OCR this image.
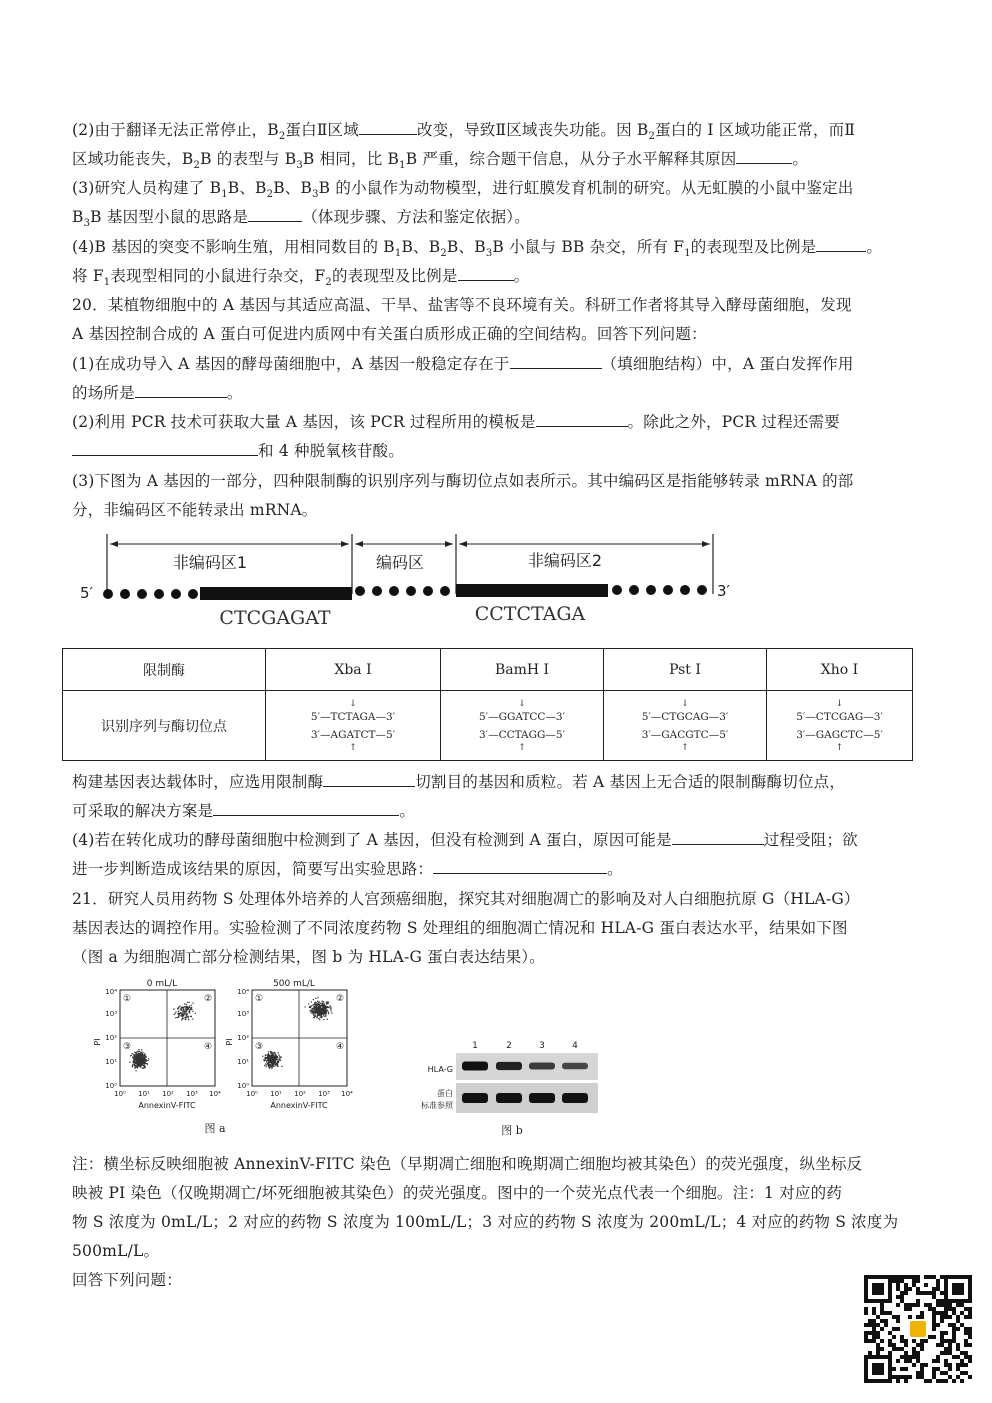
(2)由于翻译无法正常停止，$B_2$蛋白Ⅱ区域	改变，导致Ⅱ区域丧失功能。因 $B_2$蛋白的 I 区域功能正常，而Ⅱ
区域功能丧失，$B_2B$ 的表型与 $B_3B$ 相同，比 $B_1B$ 严重，综合题干信息，从分子水平解释其原因	。
(3)研究人员构建了 $B_1B$、$B_2B$、$B_3B$ 的小鼠作为动物模型，进行虹膜发育机制的研究。从无虹膜的小鼠中鉴定出
$B_3B$ 基因型小鼠的思路是	（体现步骤、方法和鉴定依据）。
(4)B 基因的突变不影响生殖，用相同数目的 $B_1B$、$B_2B$、$B_3B$ 小鼠与 BB 杂交，所有 $F_1$的表现型及比例是	。
将 $F_1$表现型相同的小鼠进行杂交，$F_2$的表现型及比例是	。
20．某植物细胞中的 A 基因与其适应高温、干旱、盐害等不良环境有关。科研工作者将其导入酵母菌细胞，发现
A 基因控制合成的 A 蛋白可促进内质网中有关蛋白质形成正确的空间结构。回答下列问题：
(1)在成功导入 A 基因的酵母菌细胞中，A 基因一般稳定存在于	（填细胞结构）中，A 蛋白发挥作用
的场所是	。
(2)利用 PCR 技术可获取大量 A 基因，该 PCR 过程所用的模板是	。除此之外，PCR 过程还需要
和 4 种脱氧核苷酸。
(3)下图为 A 基因的一部分，四种限制酶的识别序列与酶切位点如表所示。其中编码区是指能够转录 mRNA 的部
分，非编码区不能转录出 mRNA。
非编码区1	编码区	非编码区2
5′	3′
CTCGAGAT	CCTCTAGA
限制酶	Xba I	BamH I	Pst I	Xho I
识别序列与酶切位点	↓
5′—TCTAGA—3′
3′—AGATCT—5′
↑	↓
5′—GGATCC—3′
3′—CCTAGG—5′
↑	↓
5′—CTGCAG—3′
3′—GACGTC—5′
↑	↓
5′—CTCGAG—3′
3′—GAGCTC—5′
↑
构建基因表达载体时，应选用限制酶	切割目的基因和质粒。若 A 基因上无合适的限制酶酶切位点，
可采取的解决方案是	。
(4)若在转化成功的酵母菌细胞中检测到了 A 基因，但没有检测到 A 蛋白，原因可能是	过程受阻；欲
进一步判断造成该结果的原因，简要写出实验思路：	。
21．研究人员用药物 S 处理体外培养的人宫颈癌细胞，探究其对细胞凋亡的影响及对人白细胞抗原 G（HLA-G）
基因表达的调控作用。实验检测了不同浓度药物 S 处理组的细胞凋亡情况和 HLA-G 蛋白表达水平，结果如下图
（图 a 为细胞凋亡部分检测结果，图 b 为 HLA-G 蛋白表达结果）。
0 mL/L	500 mL/L
①	②
③	④
①	②
③	④
10⁴
10³
10²
10¹
10⁰
10⁴
10³
10²
10¹
10⁰
10⁰ 10¹ 10² 10³ 10⁴	10⁰ 10¹ 10² 10³ 10⁴
PI	PI
AnnexinV-FITC	AnnexinV-FITC
图 a
1	2	3	4
HLA-G
蛋白
标准参照
图 b
注：横坐标反映细胞被 AnnexinV-FITC 染色（早期凋亡细胞和晚期凋亡细胞均被其染色）的荧光强度，纵坐标反
映被 PI 染色（仅晚期凋亡/坏死细胞被其染色）的荧光强度。图中的一个荧光点代表一个细胞。注：1 对应的药
物 S 浓度为 0mL/L；2 对应的药物 S 浓度为 100mL/L；3 对应的药物 S 浓度为 200mL/L；4 对应的药物 S 浓度为
500mL/L。
回答下列问题：
